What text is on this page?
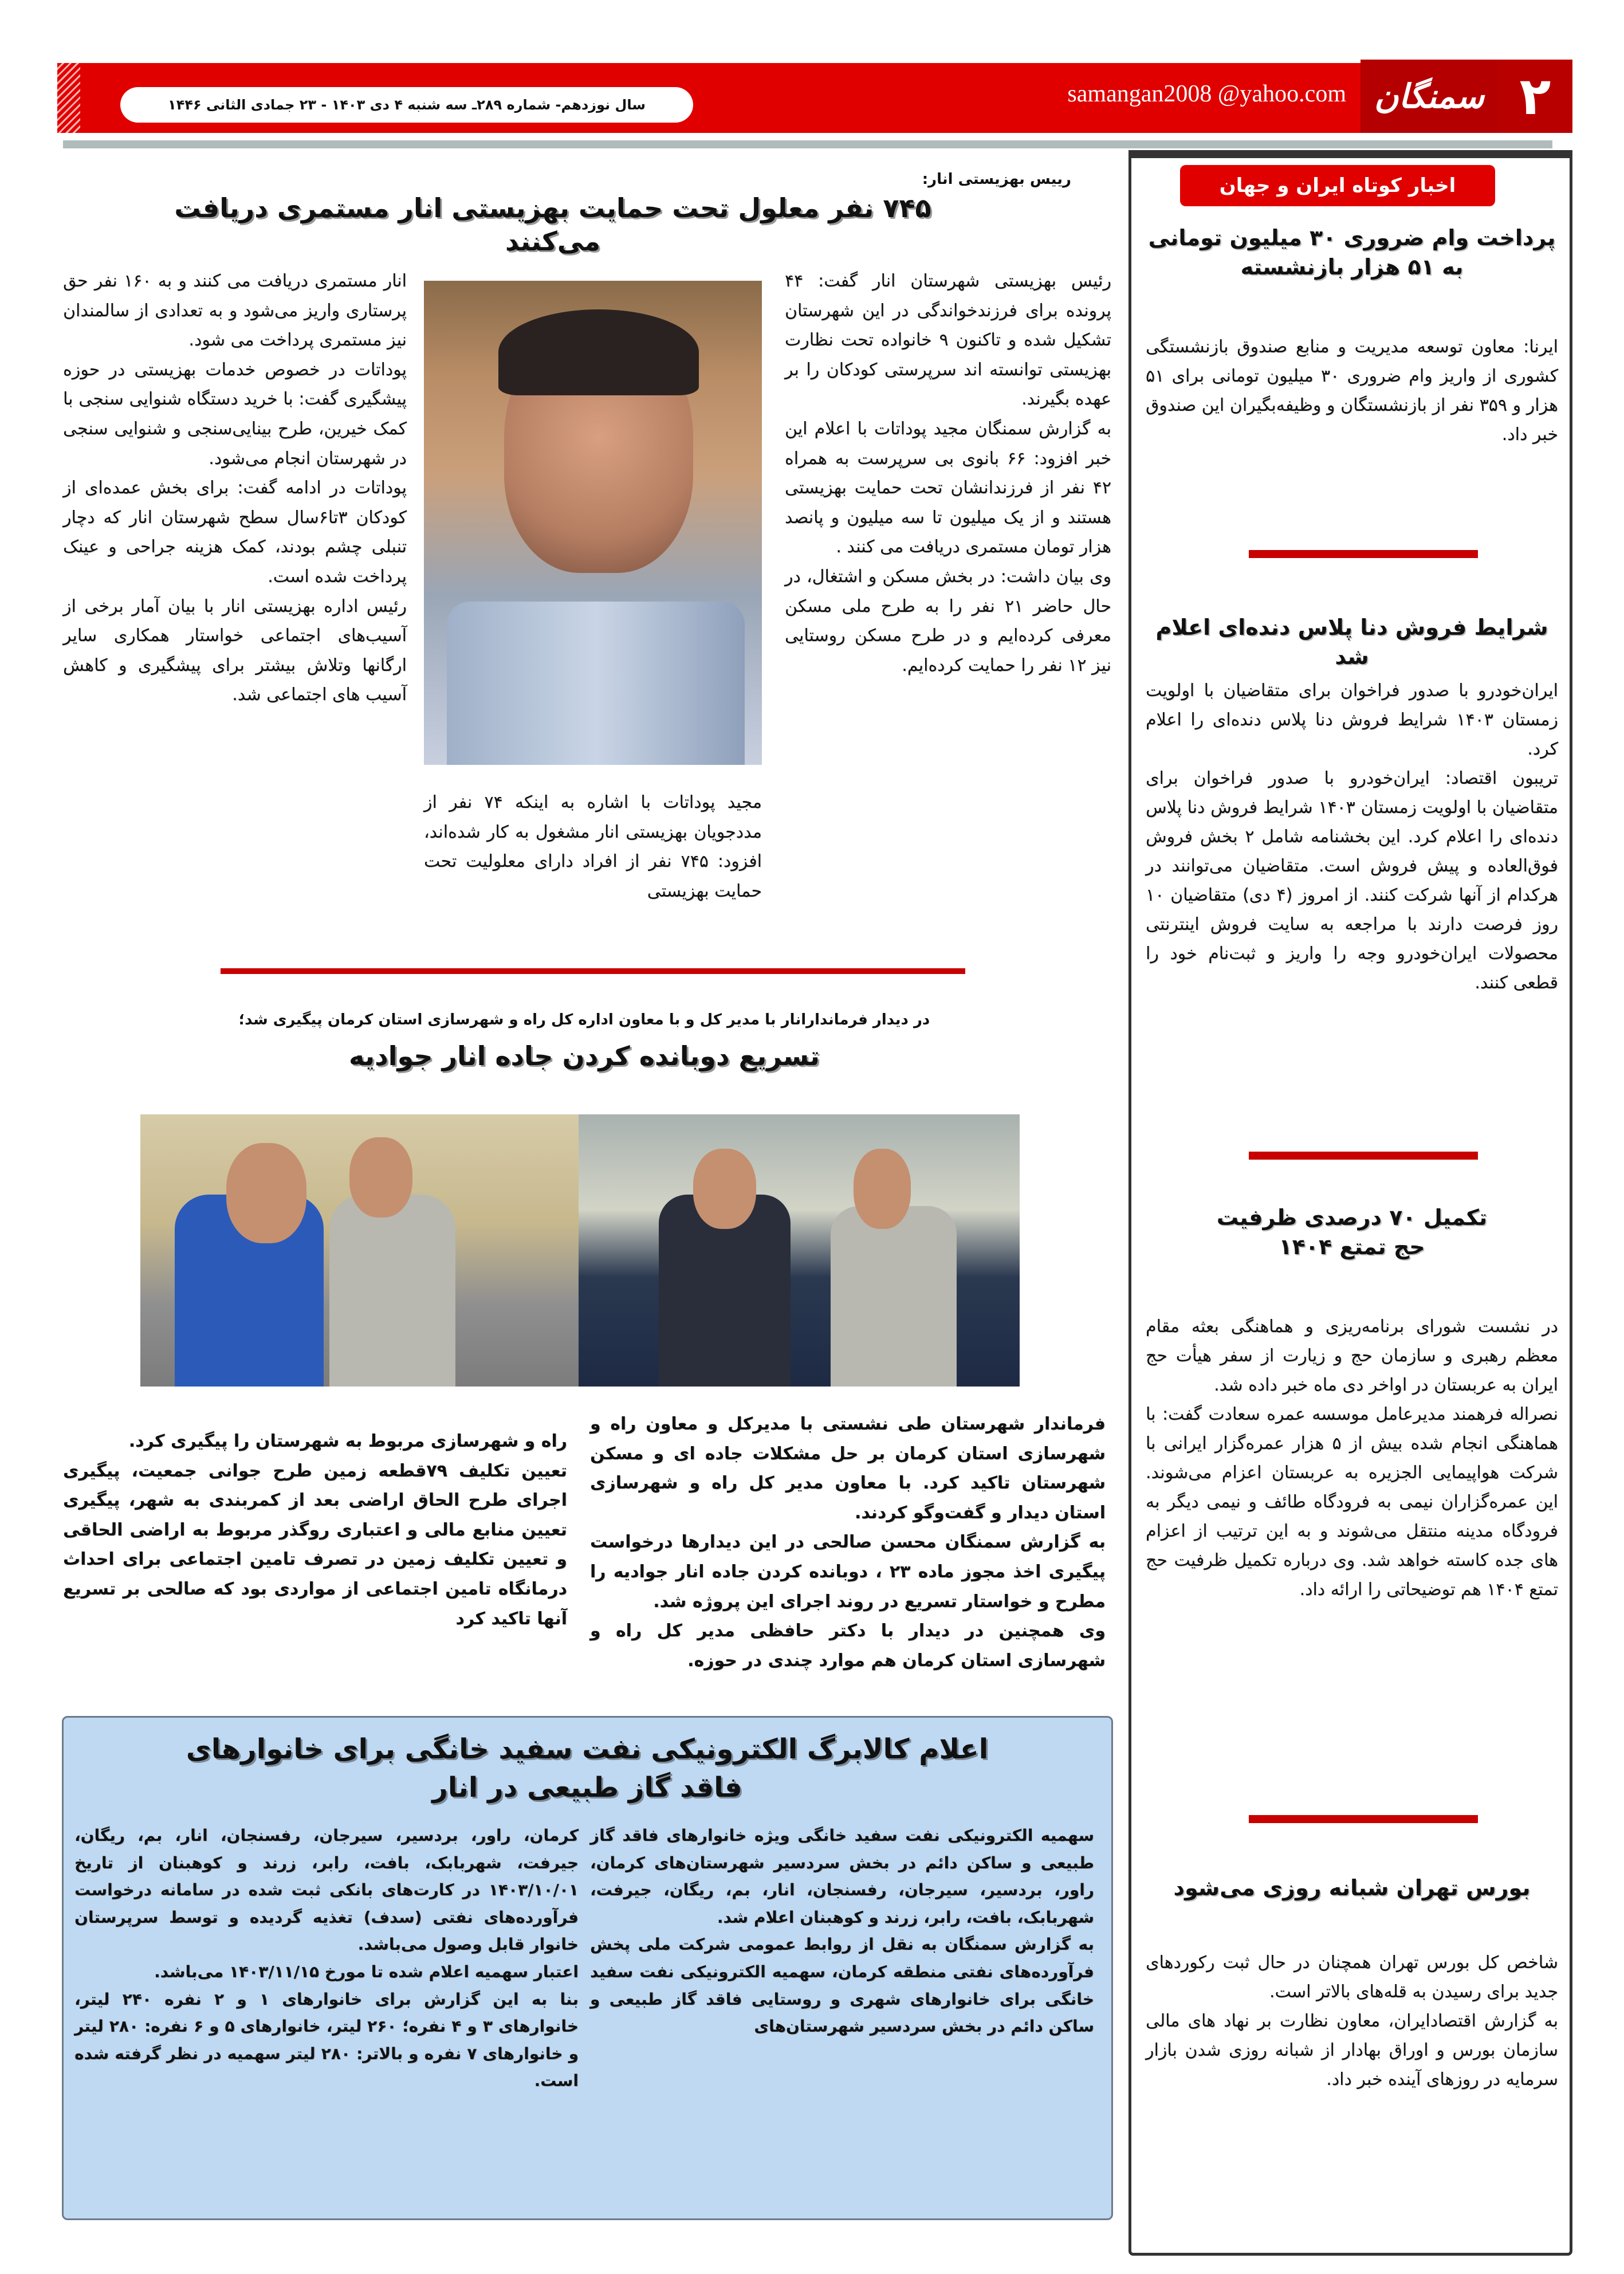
سال نوزدهم- شماره ۲۸۹ـ سه شنبه ۴ دی ۱۴۰۳ - ۲۳ جمادی الثانی ۱۴۴۶	samangan2008 @yahoo.com سمنگان ۲
اخبار کوتاه ایران و جهان
پرداخت وام ضروری ۳۰ میلیون تومانی به ۵۱ هزار بازنشسته
ایرنا: معاون توسعه مدیریت و منابع صندوق بازنشستگی کشوری از واریز وام ضروری ۳۰ میلیون تومانی برای ۵۱ هزار و ۳۵۹ نفر از بازنشستگان و وظیفه‌بگیران این صندوق خبر داد.
شرایط فروش دنا پلاس دنده‌ای اعلام شد
ایران‌خودرو با صدور فراخوان برای متقاضیان با اولویت زمستان ۱۴۰۳ شرایط فروش دنا پلاس دنده‌ای را اعلام کرد.
تریبون اقتصاد: ایران‌خودرو با صدور فراخوان برای متقاضیان با اولویت زمستان ۱۴۰۳ شرایط فروش دنا پلاس دنده‌ای را اعلام کرد. این بخشنامه شامل ۲ بخش فروش فوق‌العاده و پیش فروش است. متقاضیان می‌توانند در هرکدام از آنها شرکت کنند. از امروز (۴ دی) متقاضیان ۱۰ روز فرصت دارند با مراجعه به سایت فروش اینترنتی محصولات ایران‌خودرو وجه را واریز و ثبت‌نام خود را قطعی کنند.
تکمیل ۷۰ درصدی ظرفیت حج تمتع ۱۴۰۴
در نشست شورای برنامه‌ریزی و هماهنگی بعثه مقام معظم رهبری و سازمان حج و زیارت از سفر هیأت حج ایران به عربستان در اواخر دی ماه خبر داده شد.
نصراله فرهمند مدیرعامل موسسه عمره سعادت گفت: با هماهنگی انجام شده بیش از ۵ هزار عمره‌گزار ایرانی با شرکت هواپیمایی الجزیره به عربستان اعزام می‌شوند. این عمره‌گزاران نیمی به فرودگاه طائف و نیمی دیگر به فرودگاه مدینه منتقل می‌شوند و به این ترتیب از اعزام های جده کاسته خواهد شد. وی درباره تکمیل ظرفیت حج تمتع ۱۴۰۴ هم توضیحاتی را ارائه داد.
بورس تهران شبانه روزی می‌شود
شاخص کل بورس تهران همچنان در حال ثبت رکوردهای جدید برای رسیدن به قله‌های بالاتر است.
به گزارش اقتصادایران، معاون نظارت بر نهاد های مالی سازمان بورس و اوراق بهادار از شبانه روزی شدن بازار سرمایه در روزهای آینده خبر داد.
رییس بهزیستی انار:
۷۴۵ نفر معلول تحت حمایت بهزیستی انار مستمری دریافت می‌کنند
رئیس بهزیستی شهرستان انار گفت: ۴۴ پرونده برای فرزندخواندگی در این شهرستان تشکیل شده و تاکنون ۹ خانواده تحت نظارت بهزیستی توانسته اند سرپرستی کودکان را بر عهده بگیرند.
به گزارش سمنگان مجید پوداتات با اعلام این خبر افزود: ۶۶ بانوی بی سرپرست به همراه ۴۲ نفر از فرزندانشان تحت حمایت بهزیستی هستند و از یک میلیون تا سه میلیون و پانصد هزار تومان مستمری دریافت می کنند .
وی بیان داشت: در بخش مسکن و اشتغال، در حال حاضر ۲۱ نفر را به طرح ملی مسکن معرفی کرده‌ایم و در طرح مسکن روستایی نیز ۱۲ نفر را حمایت کرده‌ایم.
مجید پوداتات با اشاره به اینکه ۷۴ نفر از مددجویان بهزیستی انار مشغول به کار شده‌اند، افزود: ۷۴۵ نفر از افراد دارای معلولیت تحت حمایت بهزیستی
انار مستمری دریافت می کنند و به ۱۶۰ نفر حق پرستاری واریز می‌شود و به تعدادی از سالمندان نیز مستمری پرداخت می شود.
پوداتات در خصوص خدمات بهزیستی در حوزه پیشگیری گفت: با خرید دستگاه شنوایی سنجی با کمک خیرین، طرح بینایی‌سنجی و شنوایی سنجی در شهرستان انجام می‌شود.
پوداتات در ادامه گفت: برای بخش عمده‌ای از کودکان ۳تا۶سال سطح شهرستان انار که دچار تنبلی چشم بودند، کمک هزینه جراحی و عینک پرداخت شده است.
رئیس اداره بهزیستی انار با بیان آمار برخی از آسیب‌های اجتماعی خواستار همکاری سایر ارگانها وتلاش بیشتر برای پیشگیری و کاهش آسیب های اجتماعی شد.
در دیدار فرماندارانار با مدیر کل و با معاون اداره کل راه و شهرسازی استان کرمان پیگیری شد؛
تسریع دوبانده کردن جاده انار جوادیه
فرماندار شهرستان طی نشستی با مدیرکل و معاون راه و شهرسازی استان کرمان بر حل مشکلات جاده ای و مسکن شهرستان تاکید کرد. با معاون مدیر کل راه و شهرسازی استان دیدار و گفت‌وگو کردند.
به گزارش سمنگان محسن صالحی در این دیدارها درخواست پیگیری اخذ مجوز ماده ۲۳ ، دوبانده کردن جاده انار جوادیه را مطرح و خواستار تسریع در روند اجرای این پروژه شد.
وی همچنین در دیدار با دکتر حافظی مدیر کل راه و شهرسازی استان کرمان هم موارد چندی در حوزه.
راه و شهرسازی مربوط به شهرستان را پیگیری کرد.
تعیین تکلیف ۷۹قطعه زمین طرح جوانی جمعیت، پیگیری اجرای طرح الحاق اراضی بعد از کمربندی به شهر، پیگیری تعیین منابع مالی و اعتباری روگذر مربوط به اراضی الحاقی و تعیین تکلیف زمین در تصرف تامین اجتماعی برای احداث درمانگاه تامین اجتماعی از مواردی بود که صالحی بر تسریع آنها تاکید کرد
اعلام کالابرگ الکترونیکی نفت سفید خانگی برای خانوارهای فاقد گاز طبیعی در انار
سهمیه الکترونیکی نفت سفید خانگی ویژه خانوارهای فاقد گاز طبیعی و ساکن دائم در بخش سردسیر شهرستان‌های کرمان، راور، بردسیر، سیرجان، رفسنجان، انار، بم، ریگان، جیرفت، شهربابک، بافت، رابر، زرند و کوهبنان اعلام شد.
به گزارش سمنگان به نقل از روابط عمومی شرکت ملی پخش فرآورده‌های نفتی منطقه کرمان، سهمیه الکترونیکی نفت سفید خانگی برای خانوارهای شهری و روستایی فاقد گاز طبیعی و ساکن دائم در بخش سردسیر شهرستان‌های
کرمان، راور، بردسیر، سیرجان، رفسنجان، انار، بم، ریگان، جیرفت، شهربابک، بافت، رابر، زرند و کوهبنان از تاریخ ۱۴۰۳/۱۰/۰۱ در کارت‌های بانکی ثبت شده در سامانه درخواست فرآورده‌های نفتی (سدف) تغذیه گردیده و توسط سرپرستان خانوار قابل وصول می‌باشد.
اعتبار سهمیه اعلام شده تا مورخ ۱۴۰۳/۱۱/۱۵ می‌باشد.
بنا به این گزارش برای خانوارهای ۱ و ۲ نفره ۲۴۰ لیتر، خانوارهای ۳ و ۴ نفره؛ ۲۶۰ لیتر، خانوارهای ۵ و ۶ نفره: ۲۸۰ لیتر و خانوارهای ۷ نفره و بالاتر: ۲۸۰ لیتر سهمیه در نظر گرفته شده است.
